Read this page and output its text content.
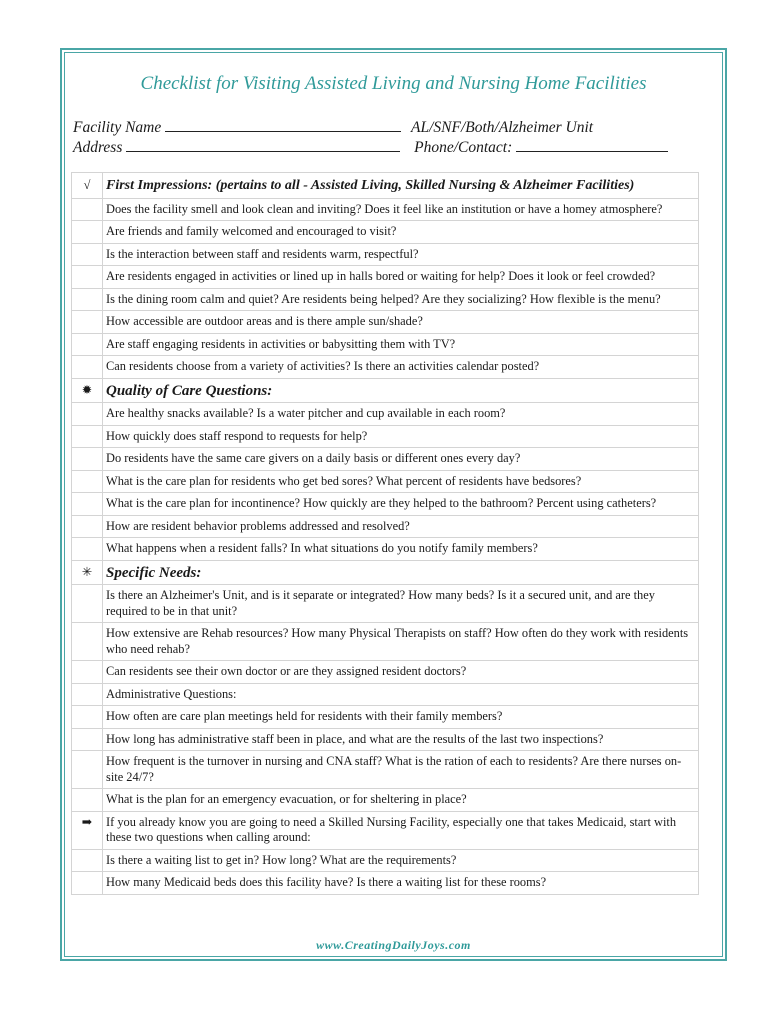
Checklist for Visiting Assisted Living and Nursing Home Facilities
Facility Name	AL/SNF/Both/Alzheimer Unit
Address	Phone/Contact:
√	First Impressions: (pertains to all - Assisted Living, Skilled Nursing & Alzheimer Facilities)
	Does the facility smell and look clean and inviting? Does it feel like an institution or have a homey atmosphere?
	Are friends and family welcomed and encouraged to visit?
	Is the interaction between staff and residents warm, respectful?
	Are residents engaged in activities or lined up in halls bored or waiting for help? Does it look or feel crowded?
	Is the dining room calm and quiet? Are residents being helped? Are they socializing? How flexible is the menu?
	How accessible are outdoor areas and is there ample sun/shade?
	Are staff engaging residents in activities or babysitting them with TV?
	Can residents choose from a variety of activities? Is there an activities calendar posted?
✹	Quality of Care Questions:
	Are healthy snacks available? Is a water pitcher and cup available in each room?
	How quickly does staff respond to requests for help?
	Do residents have the same care givers on a daily basis or different ones every day?
	What is the care plan for residents who get bed sores? What percent of residents have bedsores?
	What is the care plan for incontinence? How quickly are they helped to the bathroom? Percent using catheters?
	How are resident behavior problems addressed and resolved?
	What happens when a resident falls? In what situations do you notify family members?
✳	Specific Needs:
	Is there an Alzheimer's Unit, and is it separate or integrated? How many beds? Is it a secured unit, and are they required to be in that unit?
	How extensive are Rehab resources? How many Physical Therapists on staff? How often do they work with residents who need rehab?
	Can residents see their own doctor or are they assigned resident doctors?
	Administrative Questions:
	How often are care plan meetings held for residents with their family members?
	How long has administrative staff been in place, and what are the results of the last two inspections?
	How frequent is the turnover in nursing and CNA staff? What is the ration of each to residents? Are there nurses on-site 24/7?
	What is the plan for an emergency evacuation, or for sheltering in place?
➡	If you already know you are going to need a Skilled Nursing Facility, especially one that takes Medicaid, start with these two questions when calling around:
	Is there a waiting list to get in? How long? What are the requirements?
	How many Medicaid beds does this facility have? Is there a waiting list for these rooms?
www.CreatingDailyJoys.com
